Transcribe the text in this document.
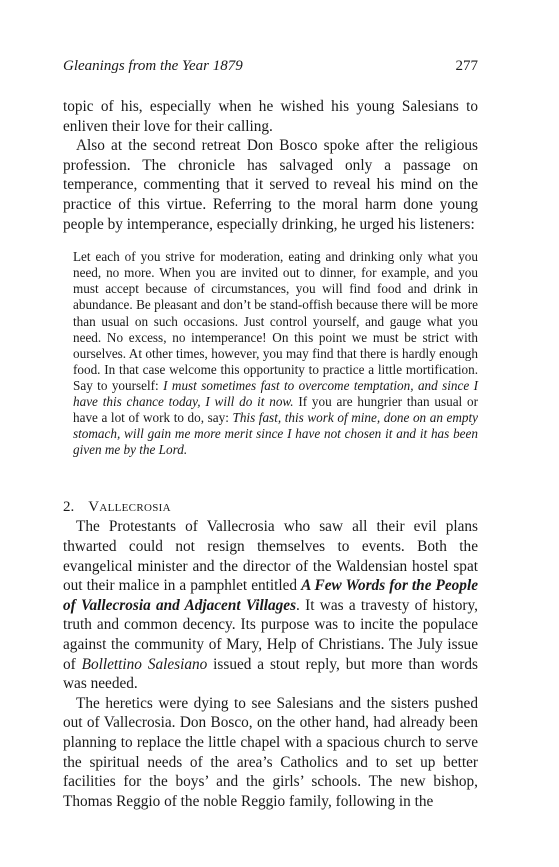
Gleanings from the Year 1879	277

topic of his, especially when he wished his young Salesians to enliven their love for their calling.

Also at the second retreat Don Bosco spoke after the religious profession. The chronicle has salvaged only a passage on temperance, commenting that it served to reveal his mind on the practice of this virtue. Referring to the moral harm done young people by intemperance, especially drinking, he urged his listeners:

Let each of you strive for moderation, eating and drinking only what you need, no more. When you are invited out to dinner, for example, and you must accept because of circumstances, you will find food and drink in abundance. Be pleasant and don’t be stand-offish because there will be more than usual on such occasions. Just control yourself, and gauge what you need. No excess, no intemperance! On this point we must be strict with ourselves. At other times, however, you may find that there is hardly enough food. In that case welcome this opportunity to practice a little mortification. Say to yourself: I must sometimes fast to overcome temptation, and since I have this chance today, I will do it now. If you are hungrier than usual or have a lot of work to do, say: This fast, this work of mine, done on an empty stomach, will gain me more merit since I have not chosen it and it has been given me by the Lord.

2. Vallecrosia

The Protestants of Vallecrosia who saw all their evil plans thwarted could not resign themselves to events. Both the evangelical minister and the director of the Waldensian hostel spat out their malice in a pamphlet entitled A Few Words for the People of Vallecrosia and Adjacent Villages. It was a travesty of history, truth and common decency. Its purpose was to incite the populace against the community of Mary, Help of Christians. The July issue of Bollettino Salesiano issued a stout reply, but more than words was needed.

The heretics were dying to see Salesians and the sisters pushed out of Vallecrosia. Don Bosco, on the other hand, had already been planning to replace the little chapel with a spacious church to serve the spiritual needs of the area’s Catholics and to set up better facilities for the boys’ and the girls’ schools. The new bishop, Thomas Reggio of the noble Reggio family, following in the
